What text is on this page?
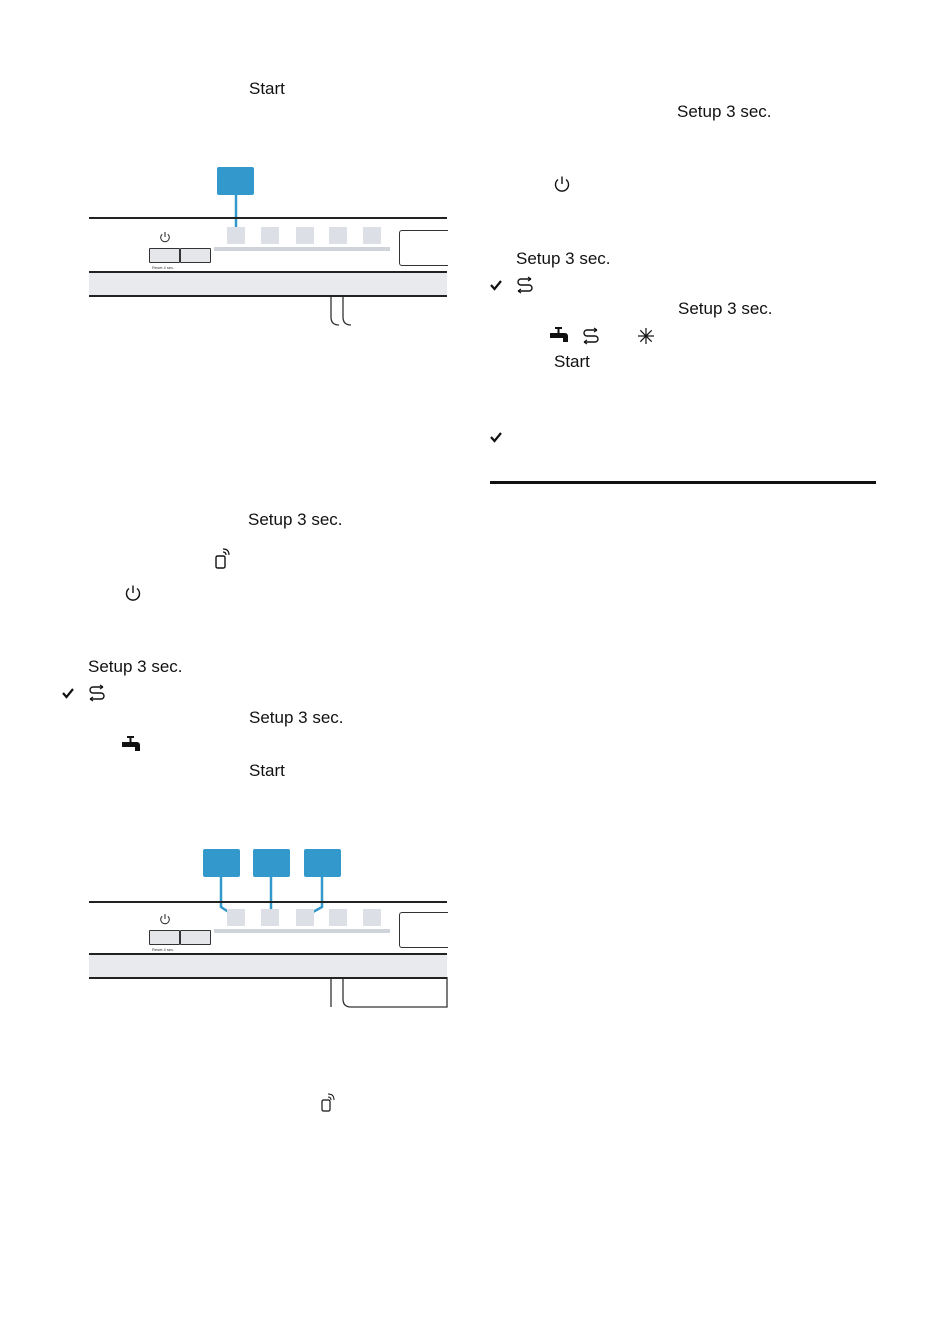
Start
Reset 4 sec.
Setup 3 sec.
Setup 3 sec.
Setup 3 sec.
Start
Reset 4 sec.
Setup 3 sec.
Setup 3 sec.
Setup 3 sec.
Start
